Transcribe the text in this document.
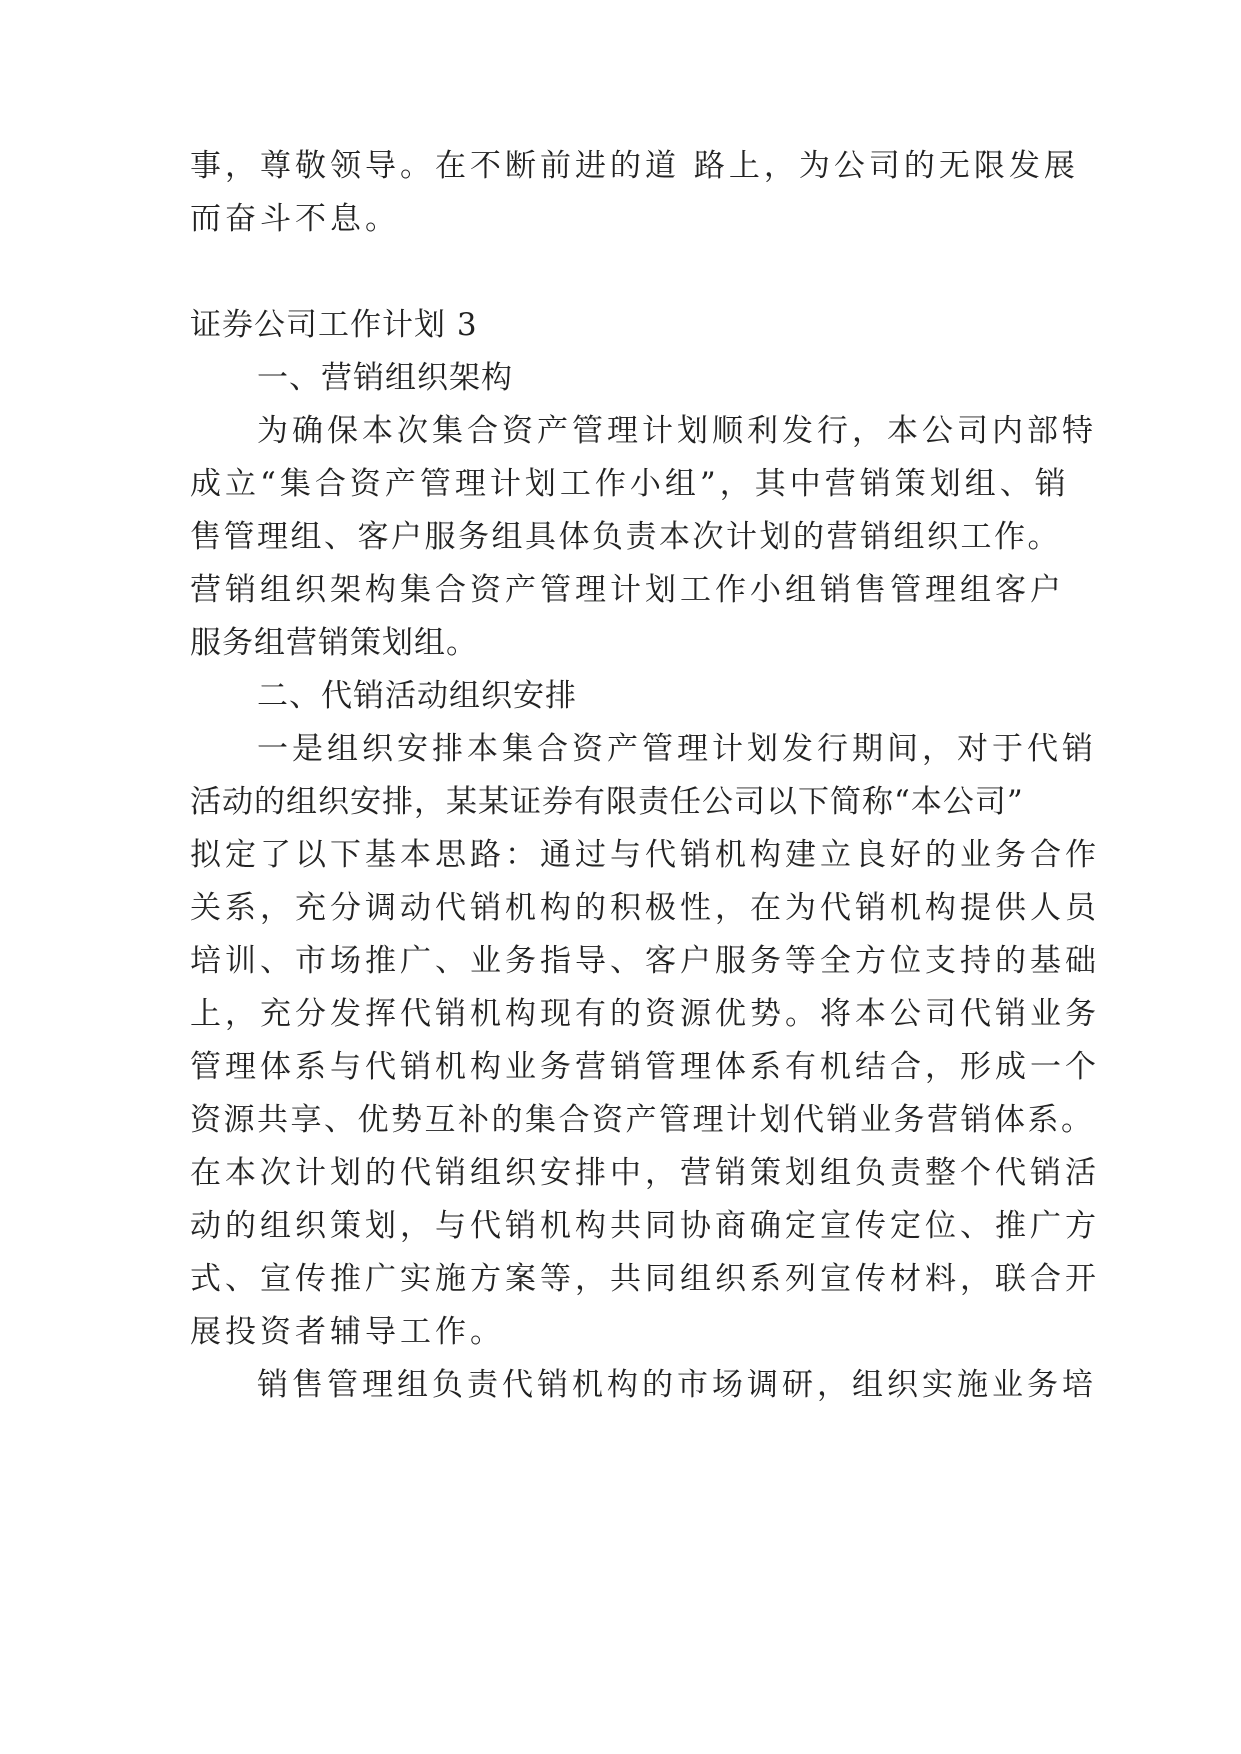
事，尊敬领导。在不断前进的道 路上，为公司的无限发展
而奋斗不息。
证券公司工作计划 3
一、营销组织架构
为确保本次集合资产管理计划顺利发行，本公司内部特
成立“集合资产管理计划工作小组”，其中营销策划组、销
售管理组、客户服务组具体负责本次计划的营销组织工作。
营销组织架构集合资产管理计划工作小组销售管理组客户
服务组营销策划组。
二、代销活动组织安排
一是组织安排本集合资产管理计划发行期间，对于代销
活动的组织安排，某某证券有限责任公司以下简称“本公司”
拟定了以下基本思路：通过与代销机构建立良好的业务合作
关系，充分调动代销机构的积极性，在为代销机构提供人员
培训、市场推广、业务指导、客户服务等全方位支持的基础
上，充分发挥代销机构现有的资源优势。将本公司代销业务
管理体系与代销机构业务营销管理体系有机结合，形成一个
资源共享、优势互补的集合资产管理计划代销业务营销体系。
在本次计划的代销组织安排中，营销策划组负责整个代销活
动的组织策划，与代销机构共同协商确定宣传定位、推广方
式、宣传推广实施方案等，共同组织系列宣传材料，联合开
展投资者辅导工作。
销售管理组负责代销机构的市场调研，组织实施业务培
